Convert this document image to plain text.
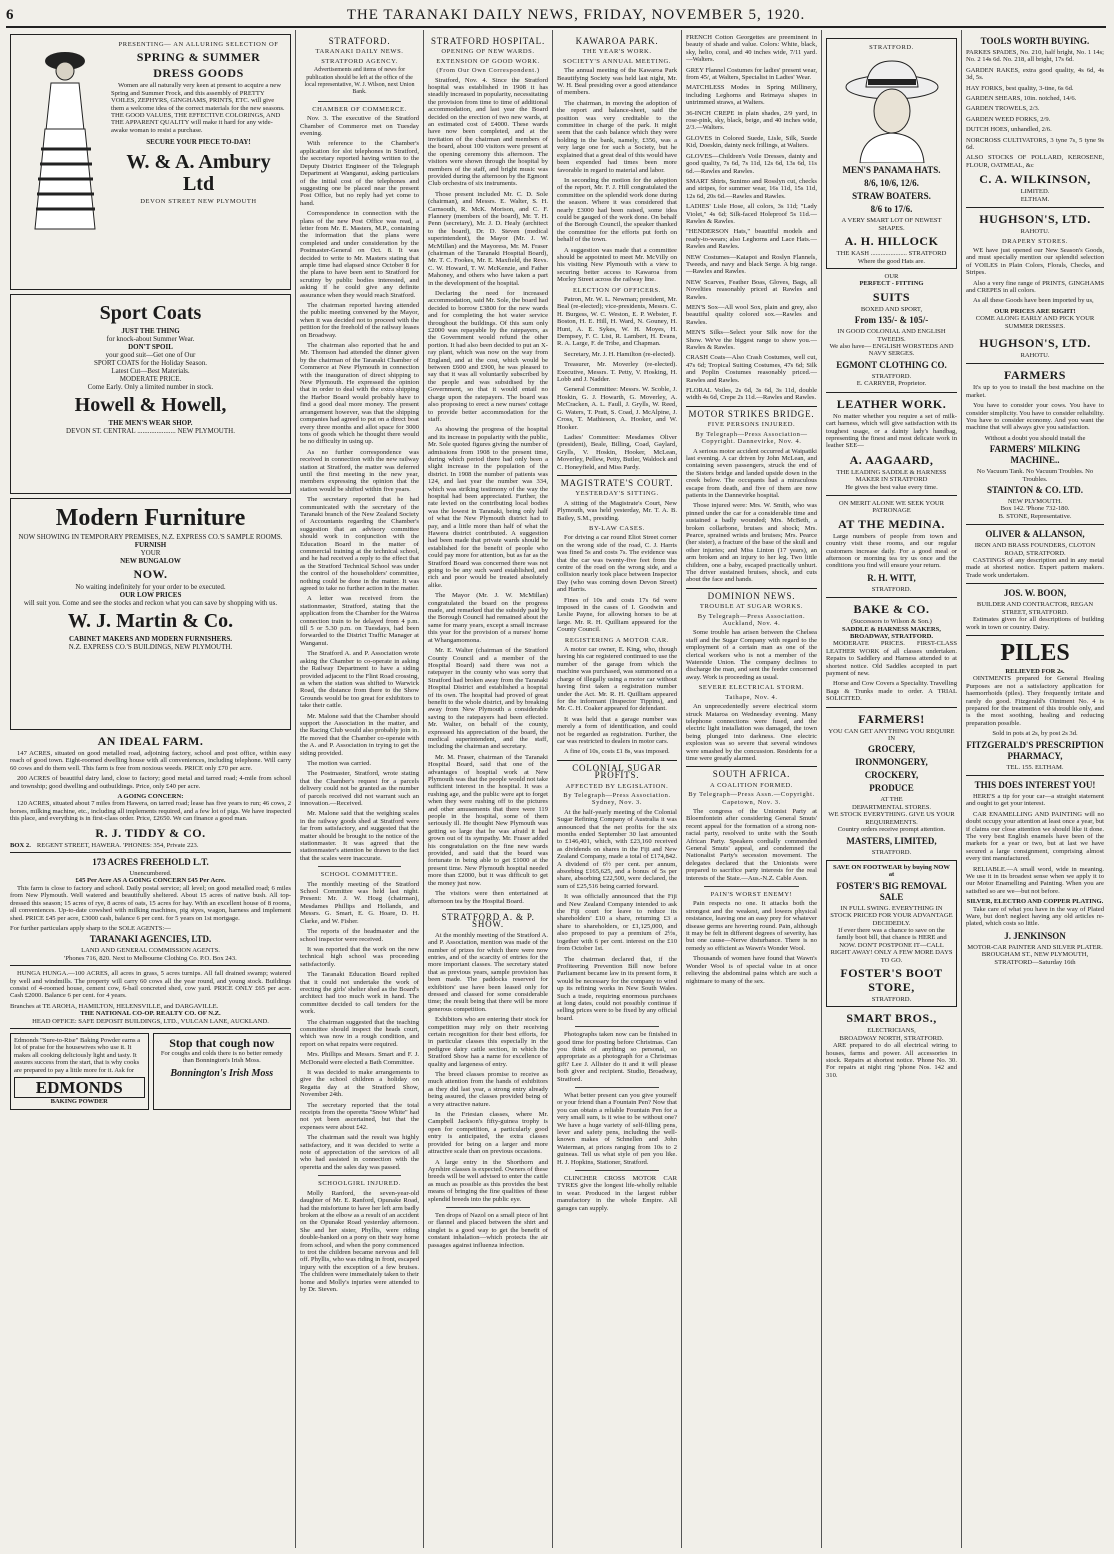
6	THE TARANAKI DAILY NEWS, FRIDAY, NOVEMBER 5, 1920.
PRESENTING— AN ALLURING SELECTION OF
SPRING & SUMMER
DRESS GOODS

Women are all naturally very keen at present to acquire a new Spring and Summer Frock, and this assembly of PRETTY VOILES, ZEPHYRS, GINGHAMS, PRINTS, ETC. will give them a welcome idea of the correct materials for the new seasons. THE GOOD VALUES, THE EFFECTIVE COLORINGS, AND THE APPARENT QUALITY will make it hard for any wide-awake woman to resist a purchase.

SECURE YOUR PIECE TO-DAY!
W. & A. Ambury Ltd
DEVON STREET NEW PLYMOUTH
Sport Coats
JUST THE THING
for knock-about Summer Wear.
DON'T SPOIL
your good suit—Get one of Our
SPORT COATS for the Holiday Season.
Latest Cut—Best Materials.
MODERATE PRICE.
Come Early. Only a limited number in stock.
Howell & Howell,
THE MEN'S WEAR SHOP.
DEVON ST. CENTRAL ...................... NEW PLYMOUTH.
Modern Furniture
NOW SHOWING IN TEMPORARY PREMISES, N.Z. EXPRESS CO.'S SAMPLE ROOMS.
FURNISH
YOUR
NEW BUNGALOW
NOW.
No waiting indefinitely for your order to be executed.
OUR LOW PRICES
will suit you. Come and see the stocks and reckon what you can save by shopping with us.
W. J. Martin & Co.
CABINET MAKERS AND MODERN FURNISHERS.
N.Z. EXPRESS CO.'S BUILDINGS, NEW PLYMOUTH.
AN IDEAL FARM.

147 ACRES, situated on good metalled road, adjoining factory, school and post office, within easy reach of good town. Eight-roomed dwelling house with all conveniences, including telephone. Will carry 60 cows and do them well. This farm is free from noxious weeds. PRICE only £70 per acre.

200 ACRES of beautiful dairy land, close to factory; good metal and tarred road; 4-mile from school and township; good dwelling and outbuildings. Price, only £40 per acre.

A GOING CONCERN:

120 ACRES, situated about 7 miles from Hawera, on tarred road; lease has five years to run; 46 cows, 2 horses, milking machine, etc., including all implements required, and a few lot of pigs. We have inspected this place, and everything is in first-class order. Price, £2650. We can finance a good man.

R. J. TIDDY & CO.
BOX 2. REGENT STREET, HAWERA. 'PHONES: 354, Private 223.
173 ACRES FREEHOLD L.T.
Unencumbered.
£45 Per Acre AS A GOING CONCERN £45 Per Acre.

This farm is close to factory and school. Daily postal service; all level; on good metalled road; 6 miles from New Plymouth. Well watered and beautifully sheltered. About 15 acres of native bush. All top-dressed this season; 15 acres of rye, 8 acres of oats, 15 acres for hay. With an excellent house of 8 rooms, all conveniences. Up-to-date cowshed with milking machines, pig styes, wagon, harness and implement shed. PRICE £45 per acre, £3000 cash, balance 6 per cent. for 5 years on 1st mortgage.

For further particulars apply sharp to the SOLE AGENTS:—
TARANAKI AGENCIES, LTD.
LAND AND GENERAL COMMISSION AGENTS.
'Phones 716, 820. Next to Melbourne Clothing Co. P.O. Box 243.

HUNGA HUNGA.—100 ACRES, all acres in grass, 5 acres turnips. All fall drained swamp; watered by well and windmills. The property will carry 60 cows all the year round, and young stock. Buildings consist of 4-roomed house, cement cow, 6-bail concreted shed, cow yard. PRICE ONLY £65 per acre. Cash £2000. Balance 6 per cent. for 4 years.

Branches at TE AROHA, HAMILTON, HELENSVILLE, and DARGAVILLE.
THE NATIONAL CO-OP. REALTY CO. OF N.Z.
HEAD OFFICE: SAFE DEPOSIT BUILDINGS, LTD., VULCAN LANE, AUCKLAND.
Edmonds "Sure-to-Rise" Baking Powder earns a lot of praise for the housewives who use it. It makes all cooking deliciously light and tasty. It assures success from the start, that is why cooks are prepared to pay a little more for it. Ask for
EDMONDS
BAKING POWDER
Stop that cough now
For coughs and colds there is no better remedy than Bonnington's Irish Moss.
Bonnington's Irish Moss
STRATFORD.
TARANAKI DAILY NEWS.
STRATFORD AGENCY.
Advertisements and items of news for publication should be left at the office of the local representative, W. J. Wilson, next Union Bank.
CHAMBER OF COMMERCE.

Nov. 3. The executive of the Stratford Chamber of Commerce met on Tuesday evening.

With reference to the Chamber's application for slot telephones in Stratford, the secretary reported having written to the Deputy District Engineer of the Telegraph Department at Wanganui, asking particulars of the initial cost of the telephones and suggesting one be placed near the present Post Office, but no reply had yet come to hand.

Correspondence in connection with the plans of the new Post Office was read, a letter from Mr. E. Masters, M.P., containing the information that the plans were completed and under consideration by the Postmaster-General on Oct. 8. It was decided to write to Mr. Masters stating that ample time had elapsed since October 8 for the plans to have been sent to Stratford for scrutiny by public bodies interested, and asking if he could give any definite assurance when they would reach Stratford.

The chairman reported having attended the public meeting convened by the Mayor, when it was decided not to proceed with the petition for the freehold of the railway leases on Broadway.

The chairman also reported that he and Mr. Thomson had attended the dinner given by the chairman of the Taranaki Chamber of Commerce at New Plymouth in connection with the inauguration of direct shipping to New Plymouth. He expressed the opinion that in order to deal with the extra shipping the Harbor Board would probably have to find a good deal more money. The present arrangement however, was that the shipping companies had agreed to put on a direct boat every three months and allot space for 3000 tons of goods which he thought there would be no difficulty in using up.

As no further correspondence was received in connection with the new railway station at Stratford, the matter was deferred until the first meeting in the new year, members expressing the opinion that the station would be shifted within five years.

The secretary reported that he had communicated with the secretary of the Taranaki branch of the New Zealand Society of Accountants regarding the Chamber's suggestion that an advisory committee should work in conjunction with the Education Board in the matter of commercial training at the technical school, and he had received a reply to the effect that as the Stratford Technical School was under the control of the householders' committee, nothing could be done in the matter. It was agreed to take no further action in the matter.

A letter was received from the stationmaster, Stratford, stating that the application from the Chamber for the Wairoa connection train to be delayed from 4 p.m. till 5 or 5.30 p.m. on Tuesdays, had been forwarded to the District Traffic Manager at Wanganui.

The Stratford A. and P. Association wrote asking the Chamber to co-operate in asking the Railway Department to have a siding provided adjacent to the Flint Road crossing, as when the station was shifted to Warwick Road, the distance from there to the Show Grounds would be too great for exhibitors to take their cattle.

Mr. Malone said that the Chamber should support the Association in the matter, and the Racing Club would also probably join in. He moved that the Chamber co-operate with the A. and P. Association in trying to get the siding provided.

The motion was carried.

The Postmaster, Stratford, wrote stating that the Chamber's request for a parcels delivery could not be granted as the number of parcels received did not warrant such an innovation.—Received.

Mr. Malone said that the weighing scales in the railway goods shed at Stratford were far from satisfactory, and suggested that the matter should be brought to the notice of the stationmaster. It was agreed that the stationmaster's attention be drawn to the fact that the scales were inaccurate.

SCHOOL COMMITTEE.

The monthly meeting of the Stratford School Committee was held last night. Present: Mr. J. W. Hoag (chairman), Mesdames Phillips and Hollands, and Messrs. G. Smart, E. G. Hoare, D. H. Clarke, and W. Fisher.

The reports of the headmaster and the school inspector were received.

It was reported that the work on the new technical high school was proceeding satisfactorily.

The Taranaki Education Board replied that it could not undertake the work of erecting the girls' shelter shed as the Board's architect had too much work in hand. The committee decided to call tenders for the work.

The chairman suggested that the teaching committee should inspect the heads court, which was now in a rough condition, and report on what repairs were required.

Mrs. Phillips and Messrs. Smart and F. J. McDonald were elected a Bath Committee.

It was decided to make arrangements to give the school children a holiday on Regatta day at the Stratford Show, November 24th.

The secretary reported that the total receipts from the operetta "Snow White" had not yet been ascertained, but that the expenses were about £42.

The chairman said the result was highly satisfactory, and it was decided to write a note of appreciation of the services of all who had assisted in connection with the operetta and the sales day was passed.

SCHOOLGIRL INJURED.

Molly Ranford, the seven-year-old daughter of Mr. E. Ranford, Opunake Road, had the misfortune to have her left arm badly broken at the elbow as a result of an accident on the Opunake Road yesterday afternoon. She and her sister, Phyllis, were riding double-banked on a pony on their way home from school, and when the pony commenced to trot the children became nervous and fell off. Phyllis, who was riding in front, escaped injury with the exception of a few bruises. The children were immediately taken to their home and Molly's injuries were attended to by Dr. Steven.

STRATFORD HOSPITAL.
OPENING OF NEW WARDS.
EXTENSION OF GOOD WORK.
(From Our Own Correspondent.)

Stratford, Nov. 4. Since the Stratford hospital was established in 1908 it has steadily increased in popularity, necessitating the provision from time to time of additional accommodation, and last year the Board decided on the erection of two new wards, at an estimated cost of £4000. These wards have now been completed, and at the invitation of the chairman and members of the board, about 100 visitors were present at the opening ceremony this afternoon. The visitors were shown through the hospital by members of the staff, and bright music was provided during the afternoon by the Egmont Club orchestra of six instruments.

Those present included Mr. C. D. Sole (chairman), and Messrs. E. Walter, S. H. Carnsouth, R. McK. Morison, and C. F. Flannery (members of the board), Mr. T. H. Penn (secretary), Mr. J. D. Healy (architect to the board), Dr. D. Steven (medical superintendent), the Mayor (Mr. J. W. McMillan) and the Mayoress, Mr. M. Fraser (chairman of the Taranaki Hospital Board), Mr. T. C. Fookes, Mr. E. Maxfield, the Revs. C. W. Howard, T. W. McKenzie, and Father Mahoney, and others who have taken a part in the development of the hospital.

Declaring the need for increased accommodation, said Mr. Sole, the board had decided to borrow £3800 for the new wards and for completing the hot water service throughout the buildings. Of this sum only £2000 was repayable by the ratepayers, as the Government would refund the other portion. It had also been decided to put an X-ray plant, which was now on the way from England, and at the cost, which would be between £600 and £900, he was pleased to say that it was all voluntarily subscribed by the people and was subsidised by the Government, so that it would entail no charge upon the ratepayers. The board was also proposing to erect a new nurses' cottage to provide better accommodation for the staff.

As showing the progress of the hospital and its increase in popularity with the public, Mr. Sole quoted figures giving the number of admissions from 1908 to the present time, during which period there had only been a slight increase in the population of the district. In 1908 the number of patients was 124, and last year the number was 334, which was striking testimony of the way the hospital had been appreciated. Further, the rate levied on the contributing local bodies was the lowest in Taranaki, being only half of what the New Plymouth district had to pay, and a little more than half of what the Hawera district contributed. A suggestion had been made that private wards should be established for the benefit of people who could pay more for attention, but as far as the Stratford Board was concerned there was not going to be any such ward established, and rich and poor would be treated absolutely alike.

The Mayor (Mr. J. W. McMillan) congratulated the board on the progress made, and remarked that the subsidy paid by the Borough Council had remained about the same for many years, except a small increase this year for the provision of a nurses' home at Whangamomona.

Mr. E. Walter (chairman of the Stratford County Council and a member of the Hospital Board) said there was not a ratepayer in the county who was sorry that Stratford had broken away from the Taranaki Hospital District and established a hospital of its own. The hospital had proved of great benefit to the whole district, and by breaking away from New Plymouth a considerable saving to the ratepayers had been effected. Mr. Walter, on behalf of the county, expressed his appreciation of the board, the medical superintendent, and the staff, including the chairman and secretary.

Mr. M. Fraser, chairman of the Taranaki Hospital Board, said that one of the advantages of hospital work at New Plymouth was that the people would not take sufficient interest in the hospital. It was a rushing age, and the public were apt to forget when they were rushing off to the pictures and other amusements that there were 119 people in the hospital, some of them seriously ill. He thought New Plymouth was getting so large that he was afraid it had grown out of its sympathy. Mr. Fraser added his congratulation on the fine new wards provided, and said that the board was fortunate in being able to get £1000 at the present time. New Plymouth hospital needed more than £2000, but it was difficult to get the money just now.

The visitors were then entertained at afternoon tea by the Hospital Board.

STRATFORD A. & P. SHOW.

At the monthly meeting of the Stratford A. and P. Association, mention was made of the number of prizes for which there were now entries, and of the scarcity of entries for the more important classes. The secretary stated that as previous years, sample provision has been made. The paddocks reserved for exhibitors' use have been leased only for dressed and classed for some considerable time; the result being that there will be more generous competition.

Exhibitors who are entering their stock for competition may rely on their receiving certain recognition for their best efforts, for in particular classes this especially in the pedigree dairy cattle section, in which the Stratford Show has a name for excellence of quality and largeness of entry.

The breed classes promise to receive as much attention from the hands of exhibitors as they did last year, a strong entry already being assured, the classes provided being of a very attractive nature.

In the Friesian classes, where Mr. Campbell Jackson's fifty-guinea trophy is open for competition, a particularly good entry is anticipated, the extra classes provided for being on a larger and more attractive scale than on previous occasions.

A large entry in the Shorthorn and Ayrshire classes is expected. Owners of these breeds will be well advised to enter the cattle as much as possible as this provides the best means of bringing the fine qualities of these splendid breeds into the public eye.

Ten drops of Nazol on a small piece of lint or flannel and placed between the shirt and singlet is a good way to get the benefit of constant inhalation—which protects the air passages against influenza infection.

KAWAROA PARK.
THE YEAR'S WORK.
SOCIETY'S ANNUAL MEETING.

The annual meeting of the Kawaroa Park Beautifying Society was held last night, Mr. W. H. Beal presiding over a good attendance of members.

The chairman, in moving the adoption of the report and balance-sheet, said the position was very creditable to the committee in charge of the park. It might seem that the cash balance which they were holding in the bank, namely, £356, was a very large one for such a Society, but he explained that a great deal of this would have been expended had times been more favorable in regard to material and labor.

In seconding the motion for the adoption of the report, Mr. F. J. Hill congratulated the committee on the splendid work done during the season. Where it was considered that nearly £3000 had been raised, some idea could be gauged of the work done. On behalf of the Borough Council, the speaker thanked the committee for the efforts put forth on behalf of the town.

A suggestion was made that a committee should be appointed to meet Mr. McVilly on his visiting New Plymouth with a view to securing better access to Kawaroa from Morley Street across the railway line.

ELECTION OF OFFICERS.

Patron, Mr. W. L. Newman; president, Mr. Beal (re-elected); vice-presidents, Messrs. C. H. Burgess, W. C. Weston, E. P. Webster, F. Boston, H. E. Hill, H. Ward, N. Gouney, H. Hunt, A. E. Sykes, W. H. Moyes, H. Dempsey, F. C. List, R. Lambert, H. Evans, R. A. Large, F. de Tribe, and Chapman.

Secretary, Mr. J. H. Hamilton (re-elected).

Treasurer, Mr. Moverley (re-elected). Executive, Messrs. T. Petty, V. Hosking, H. Lobb and J. Nadder.

General Committee: Messrs. W. Scoble, J. Hoskin, G. J. Howarth, G. Moverley, A. McCracken, A. L. Faull, J. Grylls, W. Reed, G. Waters, T. Pratt, S. Coad, J. McAlpine, J. Cross, T. Mathieson, A. Hooker, and W. Hooker.

Ladies' Committee: Mesdames Oliver (president), Beale, Billing, Coad, Gaylard, Grylls, V. Hoskin, Hooker, McLean, Moverley, Pellew, Petty, Butler, Waldock and C. Honeyfield, and Miss Pardy.

MAGISTRATE'S COURT.
YESTERDAY'S SITTING.

A sitting of the Magistrate's Court, New Plymouth, was held yesterday, Mr. T. A. B. Bailey, S.M., presiding.

BY-LAW CASES.

For driving a car round Eliot Street corner on the wrong side of the road, C. J. Harris was fined 5s and costs 7s. The evidence was that the car was twenty-five feet from the centre of the road on the wrong side, and a collision nearly took place between Inspector Day (who was coming down Devon Street) and Harris.

Fines of 10s and costs 17s 6d were imposed in the cases of I. Goodwin and Leslie Payne, for allowing horses to be at large. Mr. R. H. Quilliam appeared for the County Council.

REGISTERING A MOTOR CAR.

A motor car owner, E. King, who, though having his car registered continued to use the number of the garage from which the machine was purchased, was summoned on a charge of illegally using a motor car without having first taken a registration number under the Act. Mr. R. H. Quilliam appeared for the informant (Inspector Tippins), and Mr. C. H. Coaker appeared for defendant.

It was held that a garage number was merely a form of identification, and could not be regarded as registration. Further, the car was restricted to dealers in motor cars.

A fine of 10s, costs £1 8s, was imposed.

COLONIAL SUGAR PROFITS.
AFFECTED BY LEGISLATION.
By Telegraph—Press Association. Sydney, Nov. 3.

At the half-yearly meeting of the Colonial Sugar Refining Company of Australia it was announced that the net profits for the six months ended September 30 last amounted to £146,401, which, with £23,160 received as dividends on shares in the Fiji and New Zealand Company, made a total of £174,842. A dividend of 6½ per cent. per annum, absorbing £165,625, and a bonus of 5s per share, absorbing £22,500, were declared, the sum of £25,516 being carried forward.

It was officially announced that the Fiji and New Zealand Company intended to ask the Fiji court for leave to reduce its shareholders' £10 a share, returning £3 a share to shareholders, or £1,125,000, and also proposed to pay a premium of 2½s, together with 6 per cent. interest on the £10 from October 1st.

The chairman declared that, if the Profiteering Prevention Bill now before Parliament became law in its present form, it would be necessary for the company to wind up its refining works in New South Wales. Such a trade, requiring enormous purchases at long dates, could not possibly continue if selling prices were to be fixed by any official board.

Photographs taken now can be finished in good time for posting before Christmas. Can you think of anything so personal, so appropriate as a photograph for a Christmas gift? Lee J. Allister do it and it will please both giver and recipient. Studio, Broadway, Stratford.

What better present can you give yourself or your friend than a Fountain Pen? Now that you can obtain a reliable Fountain Pen for a very small sum, is it wise to be without one? We have a huge variety of self-filling pens, lever and safety pens, including the well-known makes of Schnellen and John Waterman, at prices ranging from 10s to 2 guineas. Tell us what style of pen you like. H. J. Hopkins, Stationer, Stratford.

CLINCHER CROSS MOTOR CAR TYRES give the longest life-wholly reliable in wear. Produced in the largest rubber manufactory in the whole Empire. All garages can supply.

FRENCH Cotton Georgettes are preeminent in beauty of shade and value. Colors: White, black, sky, helio, coral, and 40 inches wide, 7/11 yard.—Walters.

GREY Flannel Costumes for ladies' present wear, from 45/, at Walters, Specialist in Ladies' Wear.

MATCHLESS Modes in Spring Millinery, including Leghorns and Reimaya shapes in untrimmed straws, at Walters.

36-INCH CREPE in plain shades, 2/9 yard, in rose-pink, sky, black, beige, and 40 inches wide, 2/3.—Walters.

GLOVES in Colored Suede, Lisle, Silk, Suede Kid, Doeskin, dainty neck frillings, at Walters.

GLOVES—Children's Voile Dresses, dainty and good quality, 7s 6d, 7s 11d, 12s 6d, 13s 6d, 11s 6d.—Rawles and Rawles.

SMART Shirts, Sunimo and Rosslyn cut, checks and stripes, for summer wear, 16s 11d, 15s 11d, 12s 6d, 20s 6d.—Rawles and Rawles.

LADIES' Lisle Hose, all colors, 3s 11d; "Lady Violet," 4s 6d; Silk-faced Holeproof 5s 11d.—Rawles & Rawles.

"HENDERSON Hats," beautiful models and ready-to-wears; also Leghorns and Lace Hats.—Rawles and Rawles.

NEW Costumes—Kaiapoi and Roslyn Flannels, Tweeds, and navy and black Serge. A big range.—Rawles and Rawles.

NEW Scarves, Feather Boas, Gloves, Bags, all Novelties reasonably priced at Rawles and Rawles.

MEN'S Sox—All wool Sox, plain and grey, also beautiful quality colored sox.—Rawles and Rawles.

MEN'S Silks—Select your Silk now for the Show. We've the biggest range to show you.—Rawles & Rawles.

CRASH Coats—Also Crash Costumes, well cut, 47s 6d; Tropical Suiting Costumes, 47s 6d; Silk and Poplin Costumes reasonably priced.—Rawles and Rawles.

FLORAL Voiles, 2s 6d, 3s 6d, 3s 11d, double width 4s 6d, Crepe 2s 11d.—Rawles and Rawles.

MOTOR STRIKES BRIDGE.
FIVE PERSONS INJURED.
By Telegraph—Press Association—Copyright. Dannevirke, Nov. 4.

A serious motor accident occurred at Waipatiki last evening. A car driven by John McLean, and containing seven passengers, struck the end of the Sisters bridge and landed upside down in the creek below. The occupants had a miraculous escape from death, and five of them are now patients in the Dannevirke hospital.

Those injured were: Mrs. W. Smith, who was pinned under the car for a considerable time and sustained a badly wounded; Mrs. McBeth, a broken collarbone, bruises and shock; Mrs. Pearce, sprained wrists and bruises; Mrs. Pearce (her sister), a fracture of the base of the skull and other injuries; and Miss Linton (17 years), an arm broken and an injury to her leg. Two little children, one a baby, escaped practically unhurt. The driver sustained bruises, shock, and cuts about the face and hands.

DOMINION NEWS.
TROUBLE AT SUGAR WORKS.
By Telegraph—Press Association. Auckland, Nov. 4.

Some trouble has arisen between the Chelsea staff and the Sugar Company with regard to the employment of a certain man as one of the clerical workers who is not a member of the Waterside Union. The company declines to discharge the man, and sent the feeder concerned away. Work is proceeding as usual.

SEVERE ELECTRICAL STORM.
Taihape, Nov. 4.

An unprecedentedly severe electrical storm struck Mataroa on Wednesday evening. Many telephone connections were fused, and the electric light installation was damaged, the town being plunged into darkness. One electric explosion was so severe that several windows were smashed by the concussion. Residents for a time were greatly alarmed.

SOUTH AFRICA.
A COALITION FORMED.
By Telegraph—Press Assn.—Copyright. Capetown, Nov. 3.

The congress of the Unionist Party at Bloemfontein after considering General Smuts' recent appeal for the formation of a strong non-racial party, resolved to unite with the South African Party. Speakers cordially commended General Smuts' appeal, and condemned the Nationalist Party's secession movement. The delegates declared that the Unionists were prepared to sacrifice party interests for the real interests of the State.—Aus.-N.Z. Cable Assn.

PAIN'S WORST ENEMY!

Pain respects no one. It attacks both the strongest and the weakest, and lowers physical resistance, leaving one an easy prey for whatever disease germs are hovering round. Pain, although it may be felt in different degrees of severity, has but one cause—Nerve disturbance. There is no remedy so efficient as Wawn's Wonder Wool.

Thousands of women have found that Wawn's Wonder Wool is of special value in at once relieving the abdominal pains which are such a nightmare to many of the sex.

STRATFORD.
MEN'S PANAMA HATS.
8/6, 10/6, 12/6.
STRAW BOATERS.
8/6 to 17/6.
A VERY SMART LOT OF NEWEST SHAPES.
A. H. HILLOCK
THE KASH ...................... STRATFORD
Where the good Hats are.
OUR
PERFECT - FITTING
SUITS
BOXED AND SPORT,
From 135/- & 105/-
IN GOOD COLONIAL AND ENGLISH TWEEDS.
We also have— ENGLISH WORSTEDS AND NAVY SERGES.
EGMONT CLOTHING CO.
STRATFORD.
E. CARRYER, Proprietor.
LEATHER WORK.

No matter whether you require a set of milk-cart harness, which will give satisfaction with its toughest usage, or a dainty lady's handbag, representing the finest and most delicate work in leather SEE—

A. AAGAARD,
THE LEADING SADDLE & HARNESS MAKER IN STRATFORD
He gives the best value every time.
ON MERIT ALONE WE SEEK YOUR PATRONAGE
AT THE MEDINA.

Large numbers of people from town and country visit these rooms, and our regular customers increase daily. For a good meal or afternoon or morning tea try us once and the conditions you find will ensure your return.

R. H. WITT,
STRATFORD.
BAKE & CO.
(Successors to Wilson & Son.)
SADDLE & HARNESS MAKERS, BROADWAY, STRATFORD.

MODERATE PRICES. FIRST-CLASS LEATHER WORK of all classes undertaken. Repairs to Saddlery and Harness attended to at shortest notice. Old Saddles accepted in part payment of new.

Horse and Cow Covers a Speciality. Travelling Bags & Trunks made to order. A TRIAL SOLICITED.

FARMERS!
YOU CAN GET ANYTHING YOU REQUIRE IN
GROCERY,
IRONMONGERY,
CROCKERY,
PRODUCE
AT THE
DEPARTMENTAL STORES.
WE STOCK EVERYTHING. GIVE US YOUR REQUIREMENTS.
Country orders receive prompt attention.
MASTERS, LIMITED,
STRATFORD.
SAVE ON FOOTWEAR by buying NOW at
FOSTER'S BIG REMOVAL SALE
IN FULL SWING. EVERYTHING IN STOCK PRICED FOR YOUR ADVANTAGE DECIDEDLY.
If ever there was a chance to save on the family boot bill, that chance is HERE and NOW. DON'T POSTPONE IT—CALL RIGHT AWAY! ONLY A FEW MORE DAYS TO GO.
FOSTER'S BOOT STORE,
STRATFORD.
SMART BROS.,
ELECTRICIANS,
BROADWAY NORTH, STRATFORD.

ARE prepared to do all electrical wiring to houses, farms and power. All accessories in stock. Repairs at shortest notice. 'Phone No. 30. For repairs at night ring 'phone Nos. 142 and 310.

TOOLS WORTH BUYING.

PARKES SPADES, No. 210, half bright, No. 1 14s; No. 2 14s 6d. No. 218, all bright, 17s 6d.

GARDEN RAKES, extra good quality, 4s 6d, 4s 3d, 5s.

HAY FORKS, best quality, 3-tine, 6s 6d.

GARDEN SHEARS, 10in. notched, 14/6.

GARDEN TROWELS, 2/3.

GARDEN WEED FORKS, 2/9.

DUTCH HOES, unhandled, 2/6.

NORCROSS CULTIVATORS, 3 tyne 7s, 5 tyne 9s 6d.

ALSO STOCKS OF POLLARD, KEROSENE, FLOUR, OATMEAL, &c

C. A. WILKINSON,
LIMITED.
ELTHAM.
HUGHSON'S, LTD.
RAHOTU.
DRAPERY STORES.

WE have just opened our New Season's Goods, and must specially mention our splendid selection of VOILES in Plain Colors, Florals, Checks, and Stripes.

Also a very fine range of PRINTS, GINGHAMS and CREPES in all colors.

As all these Goods have been imported by us,

OUR PRICES ARE RIGHT!
COME ALONG EARLY AND PICK YOUR SUMMER DRESSES.
HUGHSON'S, LTD.
RAHOTU.
FARMERS

It's up to you to install the best machine on the market.

You have to consider your cows. You have to consider simplicity. You have to consider reliability. You have to consider economy. And you want the machine that will always give you satisfaction.

Without a doubt you should install the
FARMERS' MILKING MACHINE..
No Vacuum Tank. No Vacuum Troubles. No Troubles.
STAINTON & CO. LTD.
NEW PLYMOUTH.
Box 142. 'Phone 732-180.
B. STONE, Representative.
OLIVER & ALLANSON,
IRON AND BRASS FOUNDERS, CLOTON ROAD, STRATFORD.

CASTINGS of any description and in any metal made at shortest notice. Expert pattern makers. Trade work undertaken.

JOS. W. BOON,
BUILDER AND CONTRACTOR, REGAN STREET, STRATFORD.

Estimates given for all descriptions of building work in town or country. Dairy.

PILES
RELIEVED FOR 2s.

OINTMENTS prepared for General Healing Purposes are not a satisfactory application for haemorrhoids (piles). They frequently irritate and rarely do good. Fitzgerald's Ointment No. 4 is prepared for the treatment of this trouble only, and is the most soothing, healing and reducing preparation possible.

Sold in pots at 2s, by post 2s 3d.
FITZGERALD'S PRESCRIPTION PHARMACY,
TEL. 155. ELTHAM.
THIS DOES INTEREST YOU!

HERE'S a tip for your car—a straight statement and ought to get your interest.

CAR ENAMELLING AND PAINTING will no doubt occupy your attention at least once a year, but if claims our close attention we should like it done. The very best English enamels have been of the markets for a year or two, but at last we have secured a large consignment, comprising almost every tint manufactured.

RELIABLE.—A small word, wide in meaning. We use it in its broadest sense when we apply it to our Motor Enamelling and Painting. When you are satisfied so are we—but not before.

SILVER, ELECTRO AND COPPER PLATING.

Take care of what you have in the way of Plated Ware, but don't neglect having any old articles re-plated, which costs so little.

J. JENKINSON
MOTOR-CAR PAINTER AND SILVER PLATER.
BROUGHAM ST., NEW PLYMOUTH, STRATFORD—Saturday 16th
